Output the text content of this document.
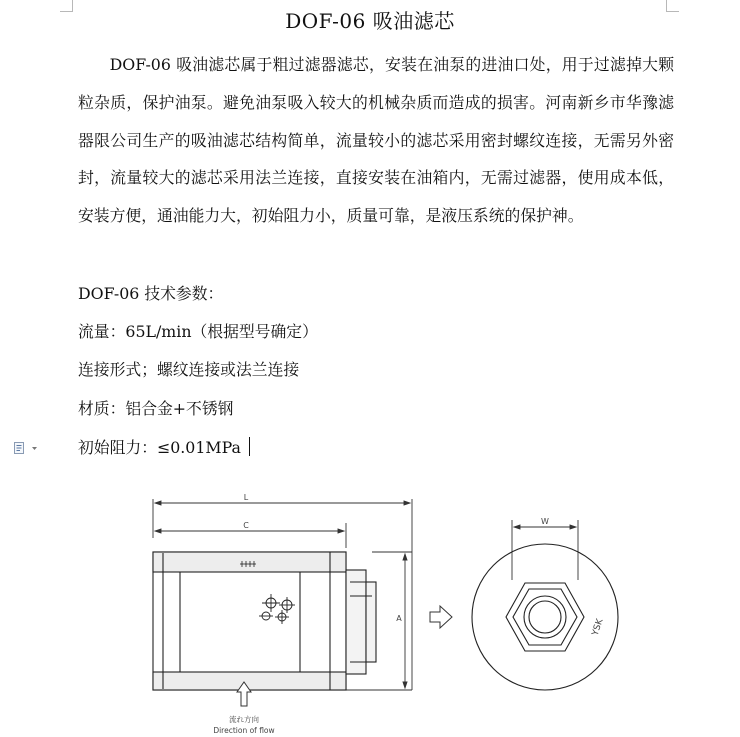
DOF-06 吸油滤芯

DOF-06 吸油滤芯属于粗过滤器滤芯，安装在油泵的进油口处，用于过滤掉大颗粒杂质，保护油泵。避免油泵吸入较大的机械杂质而造成的损害。河南新乡市华豫滤器限公司生产的吸油滤芯结构简单，流量较小的滤芯采用密封螺纹连接，无需另外密封，流量较大的滤芯采用法兰连接，直接安装在油箱内，无需过滤器，使用成本低，安装方便，通油能力大，初始阻力小，质量可靠，是液压系统的保护神。

DOF-06 技术参数：
流量：65L/min（根据型号确定）
连接形式；螺纹连接或法兰连接
材质：铝合金+不锈钢
初始阻力：≤0.01MPa
L
C
A
W
YSK
流れ方向
Direction of flow
